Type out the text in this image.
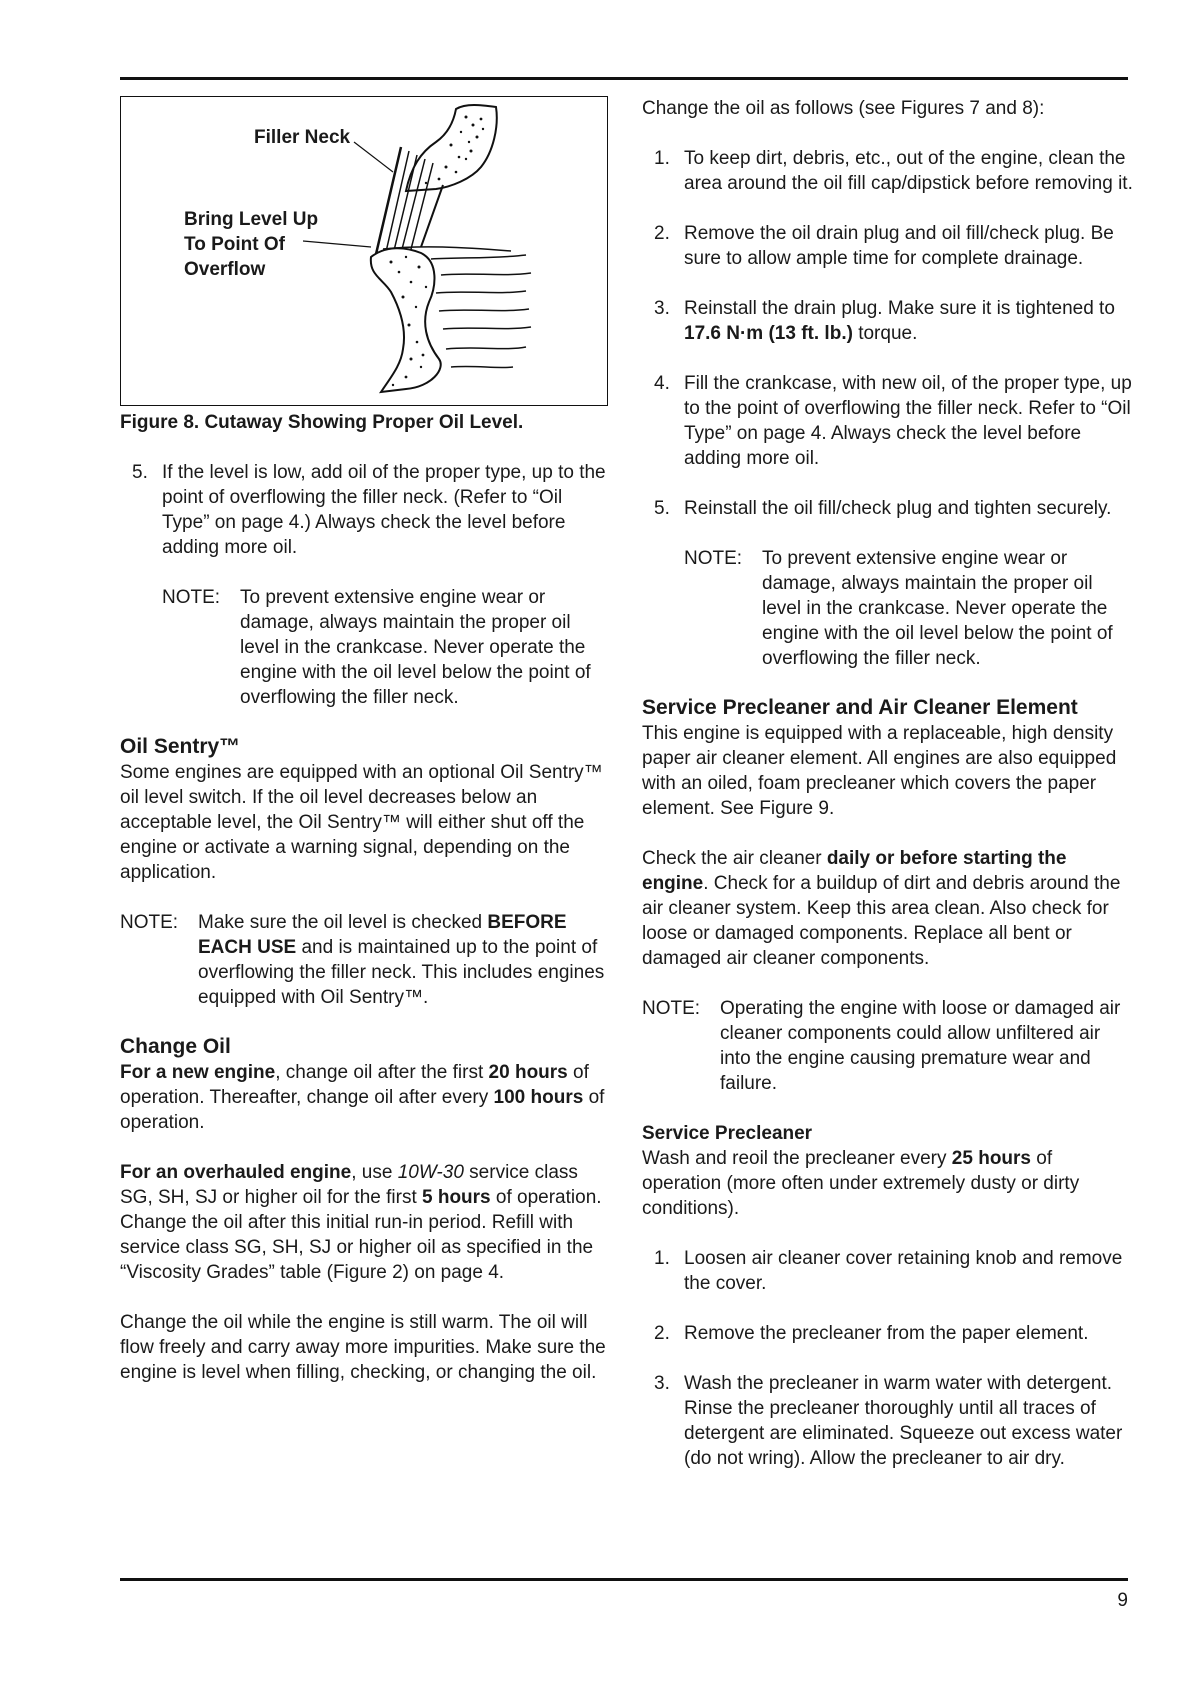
Filler Neck
Bring Level Up
To Point Of
Overflow

Figure 8. Cutaway Showing Proper Oil Level.

5. If the level is low, add oil of the proper type, up to the point of overflowing the filler neck. (Refer to “Oil Type” on page 4.) Always check the level before adding more oil.
NOTE:	To prevent extensive engine wear or damage, always maintain the proper oil level in the crankcase. Never operate the engine with the oil level below the point of overflowing the filler neck.
Oil Sentry™

Some engines are equipped with an optional Oil Sentry™ oil level switch. If the oil level decreases below an acceptable level, the Oil Sentry™ will either shut off the engine or activate a warning signal, depending on the application.

NOTE:	Make sure the oil level is checked BEFORE EACH USE and is maintained up to the point of overflowing the filler neck. This includes engines equipped with Oil Sentry™.
Change Oil

For a new engine, change oil after the first 20 hours of operation. Thereafter, change oil after every 100 hours of operation.

For an overhauled engine, use 10W-30 service class SG, SH, SJ or higher oil for the first 5 hours of operation. Change the oil after this initial run-in period. Refill with service class SG, SH, SJ or higher oil as specified in the “Viscosity Grades” table (Figure 2) on page 4.

Change the oil while the engine is still warm. The oil will flow freely and carry away more impurities. Make sure the engine is level when filling, checking, or changing the oil.

Change the oil as follows (see Figures 7 and 8):

1. To keep dirt, debris, etc., out of the engine, clean the area around the oil fill cap/dipstick before removing it.
2. Remove the oil drain plug and oil fill/check plug. Be sure to allow ample time for complete drainage.
3. Reinstall the drain plug. Make sure it is tightened to 17.6 N·m (13 ft. lb.) torque.
4. Fill the crankcase, with new oil, of the proper type, up to the point of overflowing the filler neck. Refer to “Oil Type” on page 4. Always check the level before adding more oil.
5. Reinstall the oil fill/check plug and tighten securely.
NOTE:	To prevent extensive engine wear or damage, always maintain the proper oil level in the crankcase. Never operate the engine with the oil level below the point of overflowing the filler neck.
Service Precleaner and Air Cleaner Element

This engine is equipped with a replaceable, high density paper air cleaner element. All engines are also equipped with an oiled, foam precleaner which covers the paper element. See Figure 9.

Check the air cleaner daily or before starting the engine. Check for a buildup of dirt and debris around the air cleaner system. Keep this area clean. Also check for loose or damaged components. Replace all bent or damaged air cleaner components.

NOTE:	Operating the engine with loose or damaged air cleaner components could allow unfiltered air into the engine causing premature wear and failure.
Service Precleaner

Wash and reoil the precleaner every 25 hours of operation (more often under extremely dusty or dirty conditions).

1. Loosen air cleaner cover retaining knob and remove the cover.
2. Remove the precleaner from the paper element.
3. Wash the precleaner in warm water with detergent. Rinse the precleaner thoroughly until all traces of detergent are eliminated. Squeeze out excess water (do not wring). Allow the precleaner to air dry.
9
